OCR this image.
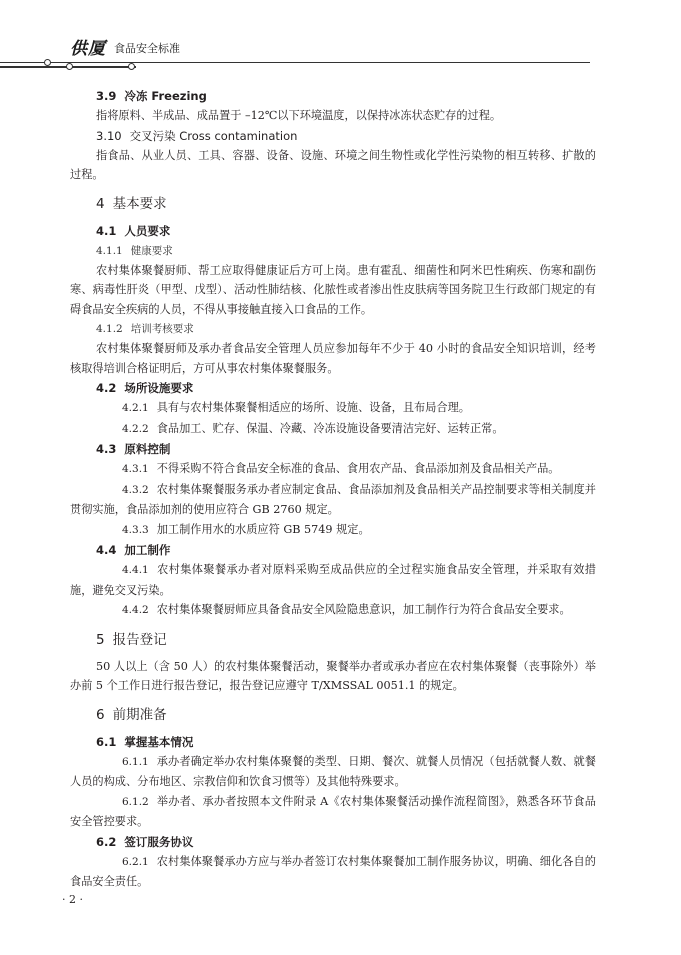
供厦 食品安全标准
3.9 冷冻 Freezing
指将原料、半成品、成品置于 –12℃以下环境温度，以保持冰冻状态贮存的过程。
3.10 交叉污染 Cross contamination
指食品、从业人员、工具、容器、设备、设施、环境之间生物性或化学性污染物的相互转移、扩散的过程。
4 基本要求
4.1 人员要求
4.1.1 健康要求
农村集体聚餐厨师、帮工应取得健康证后方可上岗。患有霍乱、细菌性和阿米巴性痢疾、伤寒和副伤寒、病毒性肝炎（甲型、戊型）、活动性肺结核、化脓性或者渗出性皮肤病等国务院卫生行政部门规定的有碍食品安全疾病的人员，不得从事接触直接入口食品的工作。
4.1.2 培训考核要求
农村集体聚餐厨师及承办者食品安全管理人员应参加每年不少于 40 小时的食品安全知识培训，经考核取得培训合格证明后，方可从事农村集体聚餐服务。
4.2 场所设施要求
4.2.1 具有与农村集体聚餐相适应的场所、设施、设备，且布局合理。
4.2.2 食品加工、贮存、保温、冷藏、冷冻设施设备要清洁完好、运转正常。
4.3 原料控制
4.3.1 不得采购不符合食品安全标准的食品、食用农产品、食品添加剂及食品相关产品。
4.3.2 农村集体聚餐服务承办者应制定食品、食品添加剂及食品相关产品控制要求等相关制度并贯彻实施，食品添加剂的使用应符合 GB 2760 规定。
4.3.3 加工制作用水的水质应符 GB 5749 规定。
4.4 加工制作
4.4.1 农村集体聚餐承办者对原料采购至成品供应的全过程实施食品安全管理，并采取有效措施，避免交叉污染。
4.4.2 农村集体聚餐厨师应具备食品安全风险隐患意识，加工制作行为符合食品安全要求。
5 报告登记
50 人以上（含 50 人）的农村集体聚餐活动，聚餐举办者或承办者应在农村集体聚餐（丧事除外）举办前 5 个工作日进行报告登记，报告登记应遵守 T/XMSSAL 0051.1 的规定。
6 前期准备
6.1 掌握基本情况
6.1.1 承办者确定举办农村集体聚餐的类型、日期、餐次、就餐人员情况（包括就餐人数、就餐人员的构成、分布地区、宗教信仰和饮食习惯等）及其他特殊要求。
6.1.2 举办者、承办者按照本文件附录 A《农村集体聚餐活动操作流程简图》，熟悉各环节食品安全管控要求。
6.2 签订服务协议
6.2.1 农村集体聚餐承办方应与举办者签订农村集体聚餐加工制作服务协议，明确、细化各自的食品安全责任。
· 2 ·
